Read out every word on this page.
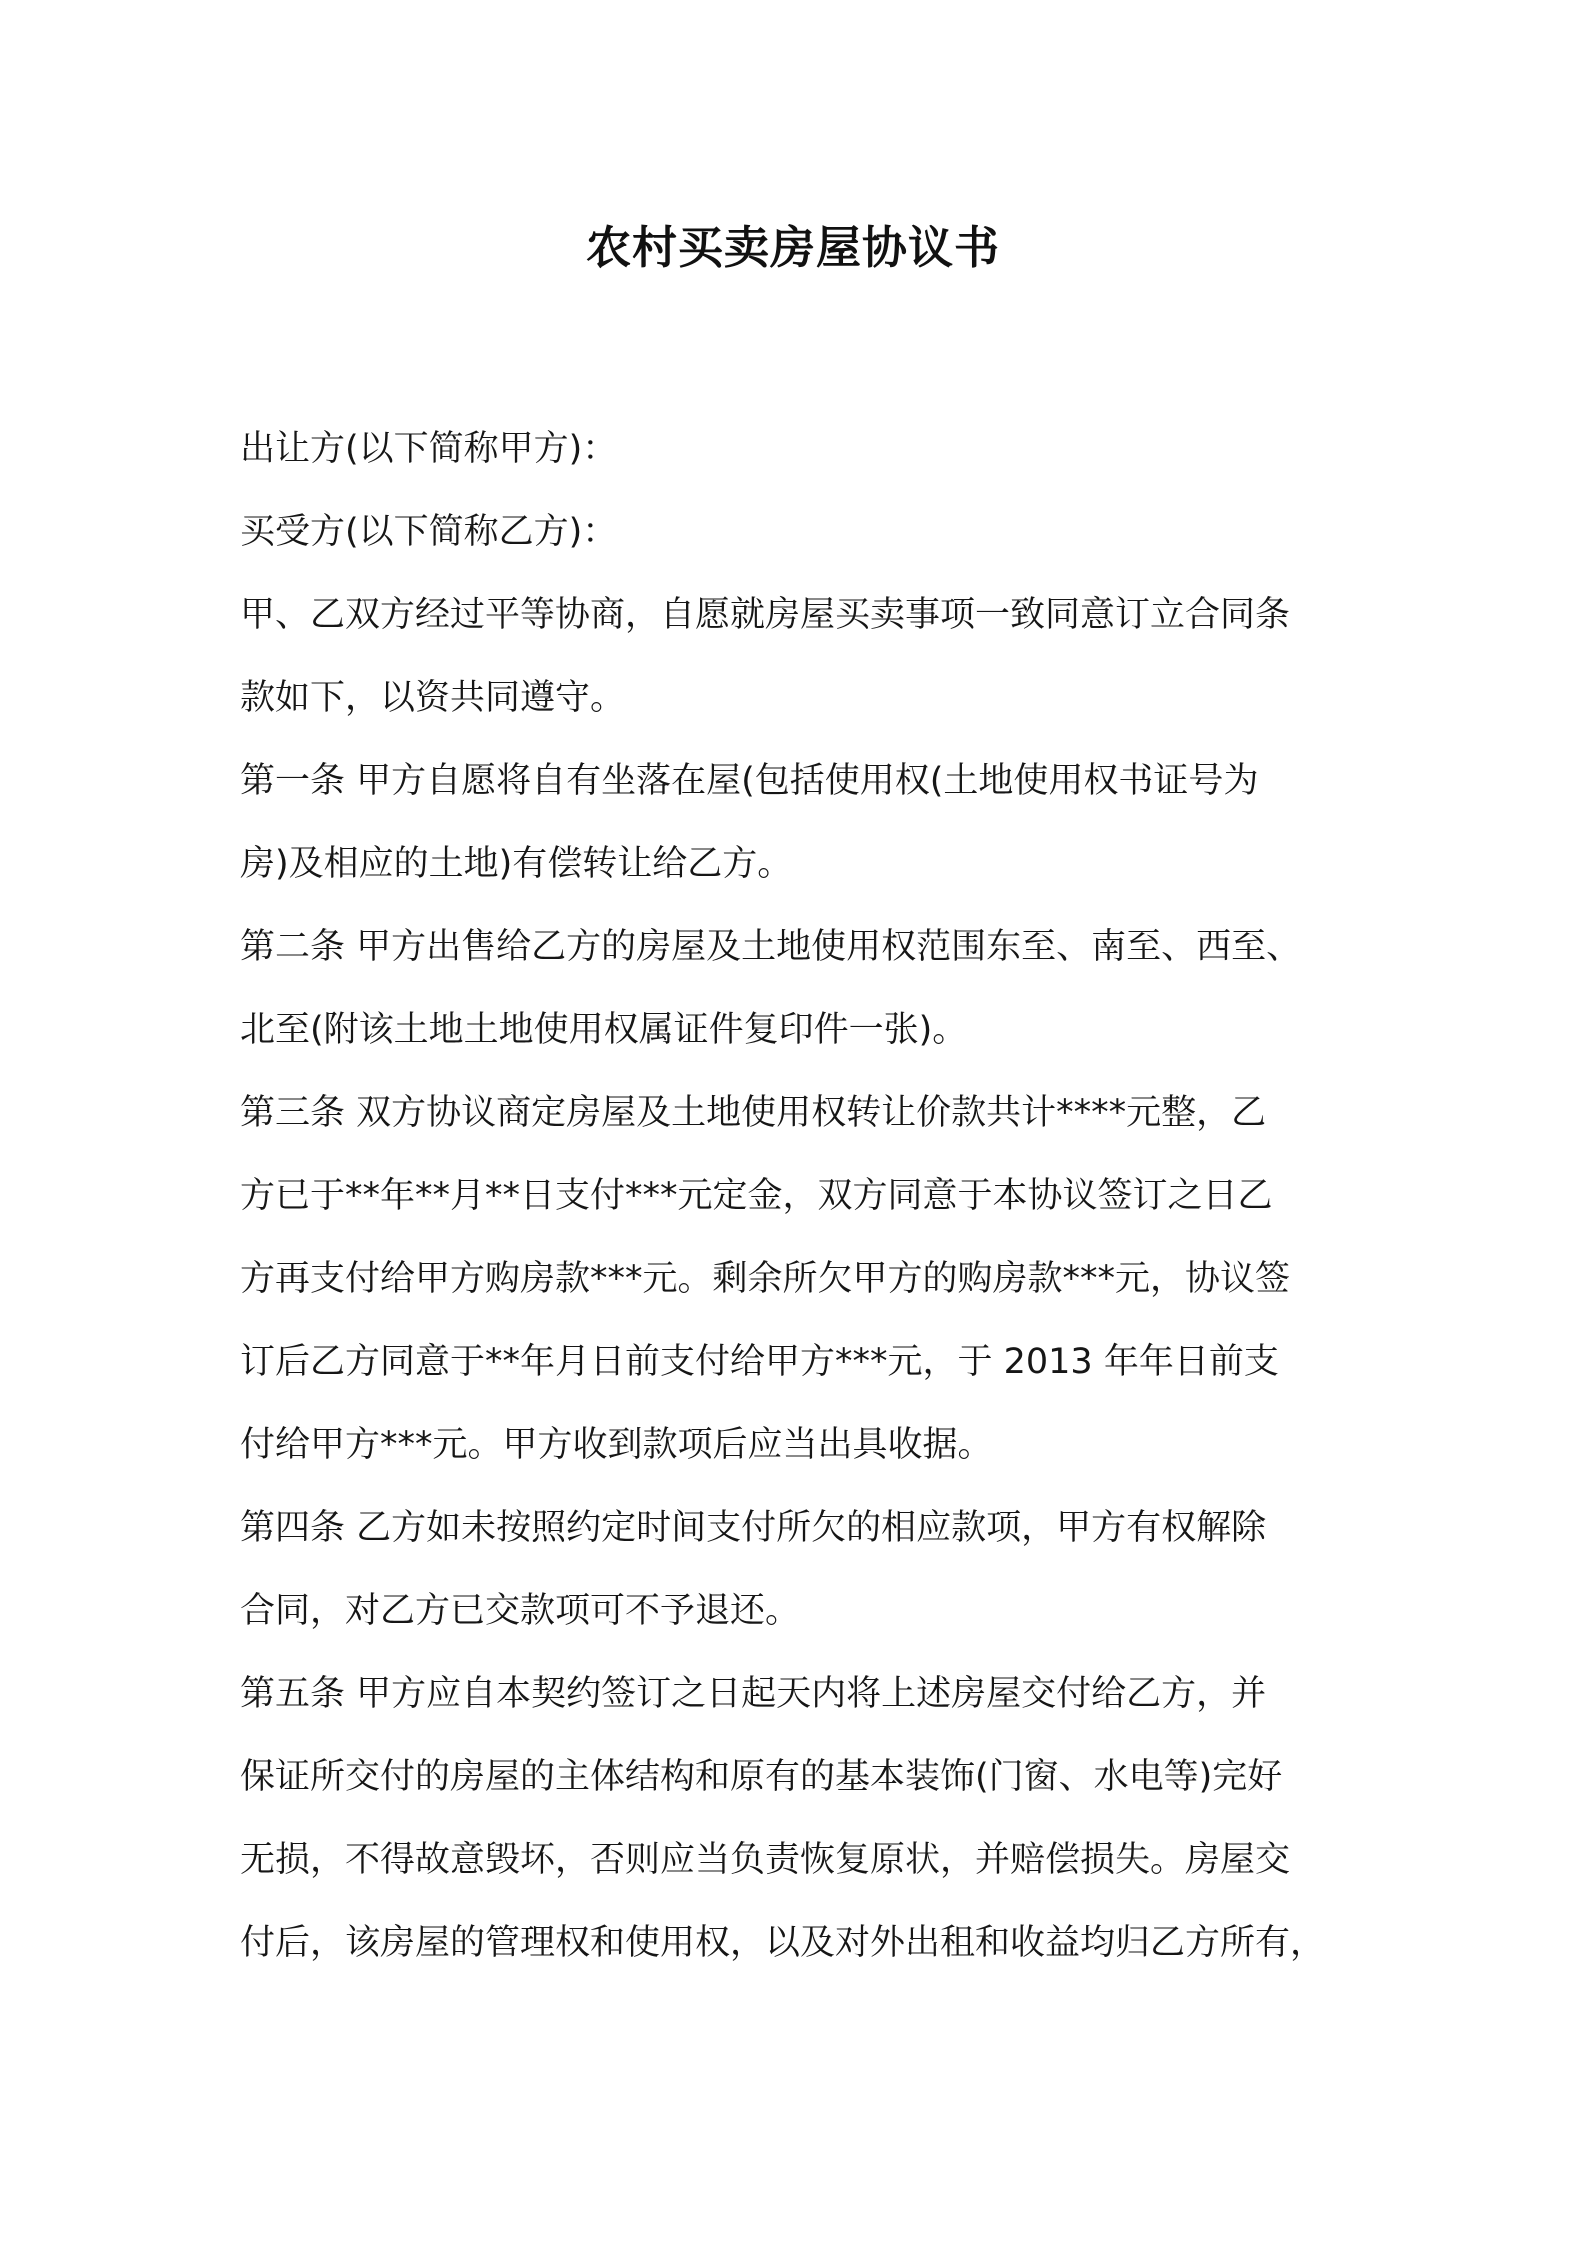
农村买卖房屋协议书
出让方(以下简称甲方)：
买受方(以下简称乙方)：
甲、乙双方经过平等协商，自愿就房屋买卖事项一致同意订立合同条
款如下，以资共同遵守。
第一条 甲方自愿将自有坐落在屋(包括使用权(土地使用权书证号为
房)及相应的土地)有偿转让给乙方。
第二条 甲方出售给乙方的房屋及土地使用权范围东至、南至、西至、
北至(附该土地土地使用权属证件复印件一张)。
第三条 双方协议商定房屋及土地使用权转让价款共计****元整，乙
方已于**年**月**日支付***元定金，双方同意于本协议签订之日乙
方再支付给甲方购房款***元。剩余所欠甲方的购房款***元，协议签
订后乙方同意于**年月日前支付给甲方***元，于 2013 年年日前支
付给甲方***元。甲方收到款项后应当出具收据。
第四条 乙方如未按照约定时间支付所欠的相应款项，甲方有权解除
合同，对乙方已交款项可不予退还。
第五条 甲方应自本契约签订之日起天内将上述房屋交付给乙方，并
保证所交付的房屋的主体结构和原有的基本装饰(门窗、水电等)完好
无损，不得故意毁坏，否则应当负责恢复原状，并赔偿损失。房屋交
付后，该房屋的管理权和使用权，以及对外出租和收益均归乙方所有，
